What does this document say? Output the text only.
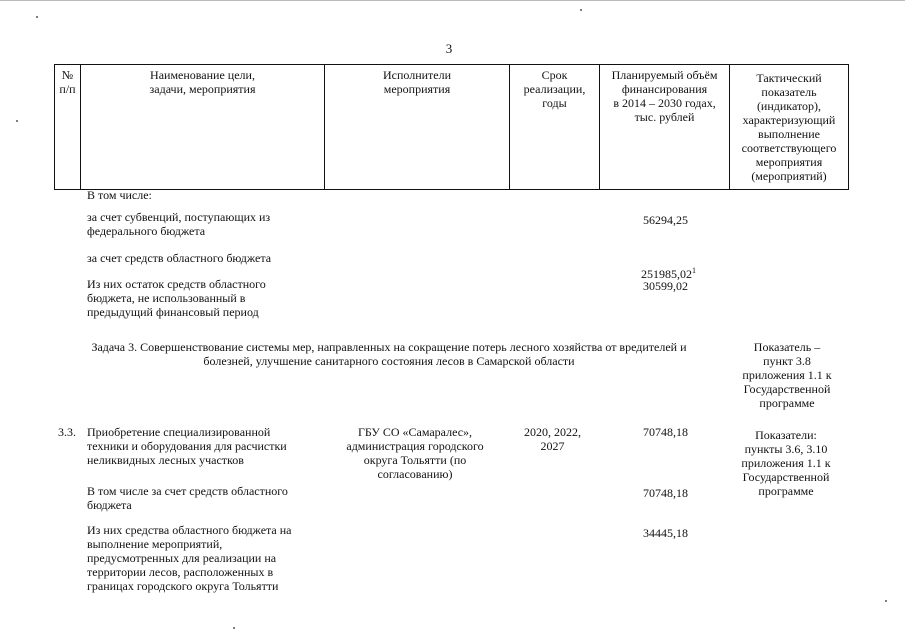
3
№
п/п
Наименование цели,
задачи, мероприятия
Исполнители
мероприятия
Срок
реализации,
годы
Планируемый объём
финансирования
в 2014 – 2030 годах,
тыс. рублей
Тактический
показатель
(индикатор),
характеризующий
выполнение
соответствующего
мероприятия
(мероприятий)
В том числе:
за счет субвенций, поступающих из
федерального бюджета
56294,25
за счет средств областного бюджета

251985,02$^1$

Из них остаток средств областного
бюджета, не использованный в
предыдущий финансовый период
30599,02
Задача 3. Совершенствование системы мер, направленных на сокращение потерь лесного хозяйства от вредителей и
болезней, улучшение санитарного состояния лесов в Самарской области
Показатель –
пункт 3.8
приложения 1.1 к
Государственной
программе
3.3. Приобретение специализированной
техники и оборудования для расчистки
неликвидных лесных участков
ГБУ СО «Самаралес»,
администрация городского
округа Тольятти (по
согласованию)
2020, 2022,
2027
70748,18	Показатели:
пункты 3.6, 3.10
приложения 1.1 к
Государственной
программе
В том числе за счет средств областного
бюджета
70748,18
Из них средства областного бюджета на
выполнение мероприятий,
предусмотренных для реализации на
территории лесов, расположенных в
границах городского округа Тольятти
34445,18
